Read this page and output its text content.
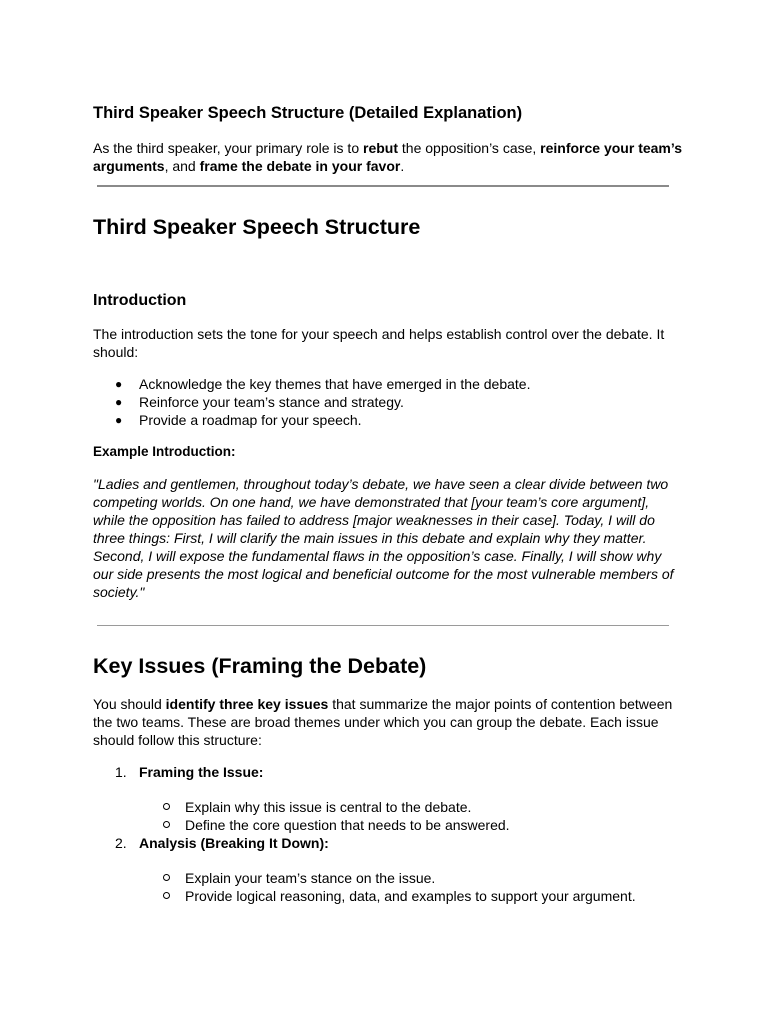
Third Speaker Speech Structure (Detailed Explanation)

As the third speaker, your primary role is to rebut the opposition’s case, reinforce your team’s arguments, and frame the debate in your favor.

Third Speaker Speech Structure
Introduction

The introduction sets the tone for your speech and helps establish control over the debate. It should:

● Acknowledge the key themes that have emerged in the debate.
● Reinforce your team’s stance and strategy.
● Provide a roadmap for your speech.

Example Introduction:

"Ladies and gentlemen, throughout today’s debate, we have seen a clear divide between two competing worlds. On one hand, we have demonstrated that [your team’s core argument], while the opposition has failed to address [major weaknesses in their case]. Today, I will do three things: First, I will clarify the main issues in this debate and explain why they matter. Second, I will expose the fundamental flaws in the opposition’s case. Finally, I will show why our side presents the most logical and beneficial outcome for the most vulnerable members of society."

Key Issues (Framing the Debate)

You should identify three key issues that summarize the major points of contention between the two teams. These are broad themes under which you can group the debate. Each issue should follow this structure:

1. Framing the Issue:
Explain why this issue is central to the debate.
Define the core question that needs to be answered.
2. Analysis (Breaking It Down):
Explain your team’s stance on the issue.
Provide logical reasoning, data, and examples to support your argument.
